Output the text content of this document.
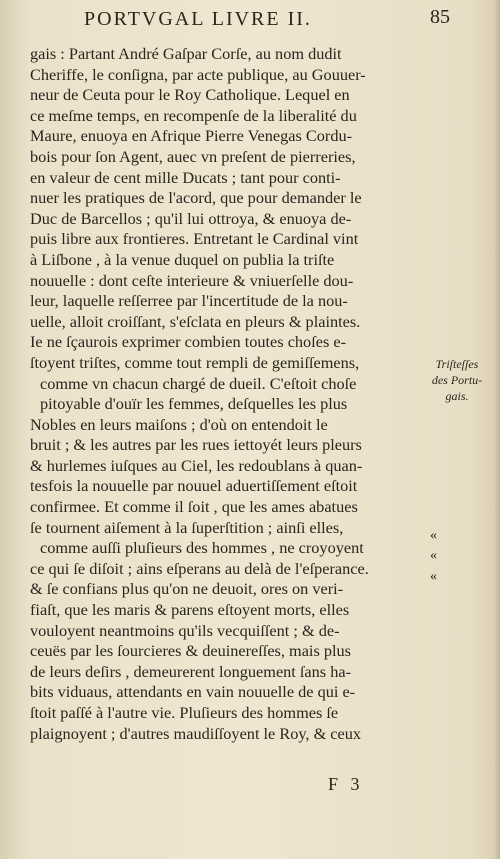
PORTVGAL LIVRE II.	85
gais : Partant André Gaſpar Corſe, au nom dudit
Cheriffe, le conſigna, par acte publique, au Gouuer-
neur de Ceuta pour le Roy Catholique. Lequel en
ce meſme temps, en recompenſe de la liberalité du
Maure, enuoya en Afrique Pierre Venegas Cordu-
bois pour ſon Agent, auec vn preſent de pierreries,
en valeur de cent mille Ducats ; tant pour conti-
nuer les pratiques de l'acord, que pour demander le
Duc de Barcellos ; qu'il lui ottroya, & enuoya de-
puis libre aux frontieres. Entretant le Cardinal vint
à Liſbone , à la venue duquel on publia la triſte
nouuelle : dont ceſte interieure & vniuerſelle dou-
leur, laquelle reſſerree par l'incertitude de la nou-
uelle, alloit croiſſant, s'eſclata en pleurs & plaintes.
Ie ne ſçaurois exprimer combien toutes choſes e-
ſtoyent triſtes, comme tout rempli de gemiſſemens,
comme vn chacun chargé de dueil. C'eſtoit choſe
pitoyable d'ouïr les femmes, deſquelles les plus
Nobles en leurs maiſons ; d'où on entendoit le
bruit ; & les autres par les rues iettoyét leurs pleurs
& hurlemes iuſques au Ciel, les redoublans à quan-
tesfois la nouuelle par nouuel aduertiſſement eſtoit
confirmee. Et comme il ſoit , que les ames abatues
ſe tournent aiſement à la ſuperſtition ; ainſi elles,
comme auſſi pluſieurs des hommes , ne croyoyent
ce qui ſe diſoit ; ains eſperans au delà de l'eſperance.
& ſe confians plus qu'on ne deuoit, ores on veri-
fiaſt, que les maris & parens eſtoyent morts, elles
vouloyent neantmoins qu'ils vecquiſſent ; & de-
ceuës par les ſourcieres & deuinereſſes, mais plus
de leurs deſirs , demeurerent longuement ſans ha-
bits viduaus, attendants en vain nouuelle de qui e-
ſtoit paſſé à l'autre vie. Pluſieurs des hommes ſe
plaignoyent ; d'autres maudiſſoyent le Roy, & ceux
Triſteſſes
des Portu-
gais.
«
«
«
F 3
